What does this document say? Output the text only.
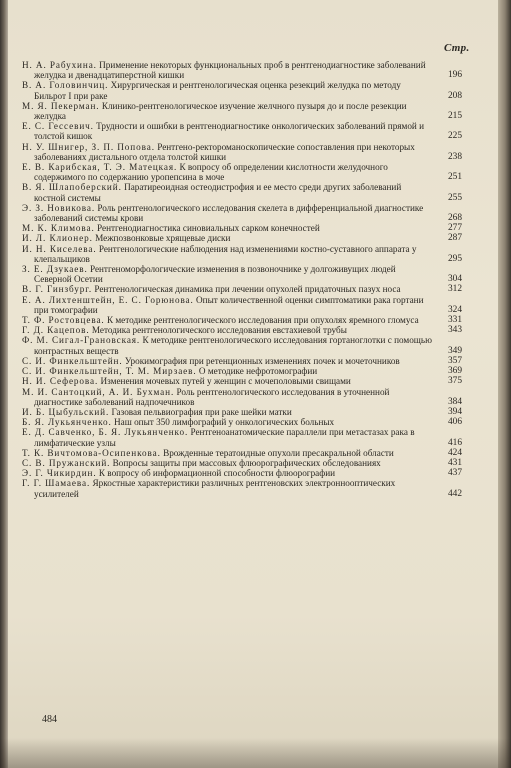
Стр.
Н. А. Рабухина. Применение некоторых функциональных проб в рентгенодиагностике заболеваний желудка и двенадцатиперстной кишки	196
В. А. Головинчиц. Хирургическая и рентгенологическая оценка резекций желудка по методу Бильрот I при раке	208
М. Я. Пекерман. Клинико-рентгенологическое изучение желчного пузыря до и после резекции желудка	215
Е. С. Гессевич. Трудности и ошибки в рентгенодиагностике онкологических заболеваний прямой и толстой кишок	225
Н. У. Шнигер, З. П. Попова. Рентгено-ректороманоскопические сопоставления при некоторых заболеваниях дистального отдела толстой кишки	238
Е. В. Карибская, Т. Э. Матецкая. К вопросу об определении кислотности желудочного содержимого по содержанию уропепсина в моче	251
В. Я. Шлапоберский. Паратиреоидная остеодистрофия и ее место среди других заболеваний костной системы	255
Э. З. Новикова. Роль рентгенологического исследования скелета в дифференциальной диагностике заболеваний системы крови	268
М. К. Климова. Рентгенодиагностика синовиальных сарком конечностей	277
И. Л. Клионер. Межпозвонковые хрящевые диски	287
И. Н. Киселева. Рентгенологические наблюдения над изменениями костно-суставного аппарата у клепальщиков	295
З. Е. Дзукаев. Рентгеноморфологические изменения в позвоночнике у долгоживущих людей Северной Осетии	304
В. Г. Гинзбург. Рентгенологическая динамика при лечении опухолей придаточных пазух носа	312
Е. А. Лихтенштейн, Е. С. Горюнова. Опыт количественной оценки симптоматики рака гортани при томографии	324
Т. Ф. Ростовцева. К методике рентгенологического исследования при опухолях яремного гломуса	331
Г. Д. Кацепов. Методика рентгенологического исследования евстахиевой трубы	343
Ф. М. Сигал-Грановская. К методике рентгенологического исследования гортаноглотки с помощью контрастных веществ	349
С. И. Финкельштейн. Урокимография при ретенционных изменениях почек и мочеточников	357
С. И. Финкельштейн, Т. М. Мирзаев. О методике нефротомографии	369
Н. И. Сеферова. Изменения мочевых путей у женщин с мочеполовыми свищами	375
М. И. Сантоцкий, А. И. Бухман. Роль рентгенологического исследования в уточненной диагностике заболеваний надпочечников	384
И. Б. Цыбульский. Газовая пельвиография при раке шейки матки	394
Б. Я. Лукьянченко. Наш опыт 350 лимфографий у онкологических больных	406
Е. Д. Савченко, Б. Я. Лукьянченко. Рентгеноанатомические параллели при метастазах рака в лимфатические узлы	416
Т. К. Вичтомова-Осипенкова. Врожденные тератоидные опухоли пресакральной области	424
С. В. Пружанский. Вопросы защиты при массовых флюорографических обследованиях	431
Э. Г. Чикирдин. К вопросу об информационной способности флюорографии	437
Г. Г. Шамаева. Яркостные характеристики различных рентгеновских электроннооптических усилителей	442
484
